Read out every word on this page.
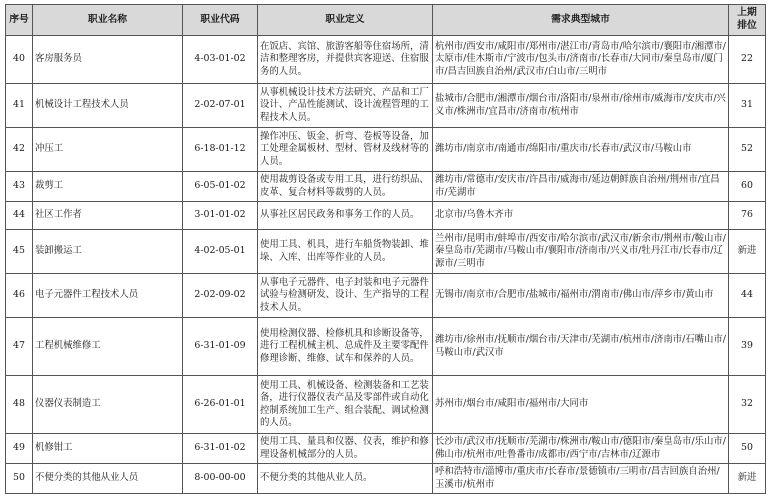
序号	职业名称	职业代码	职业定义	需求典型城市	上期
排位

40	客房服务员	4-03-01-02	在饭店、宾馆、旅游客船等住宿场所，清洁和整理客房，并提供宾客迎送、住宿服务的人员。	杭州市/西安市/咸阳市/郑州市/湛江市/青岛市/哈尔滨市/襄阳市/湘潭市/太原市/佳木斯市/宁波市/包头市/济南市/长春市/大同市/秦皇岛市/厦门市/昌吉回族自治州/武汉市/白山市/三明市	22
41	机械设计工程技术人员	2-02-07-01	从事机械设计技术方法研究、产品和工厂设计、产品性能测试、设计流程管理的工程技术人员。	盐城市/合肥市/湘潭市/烟台市/洛阳市/泉州市/徐州市/威海市/安庆市/兴义市/株洲市/宜昌市/济南市/杭州市	31
42	冲压工	6-18-01-12	操作冲压、钣金、折弯、卷板等设备，加工处理金属板材、型材、管材及线材等的人员。	潍坊市/南京市/南通市/绵阳市/重庆市/长春市/武汉市/马鞍山市	52
43	裁剪工	6-05-01-02	使用裁剪设备或专用工具，进行纺织品、皮革、复合材料等裁剪的人员。	潍坊市/常德市/安庆市/许昌市/威海市/延边朝鲜族自治州/荆州市/宜昌市/芜湖市	60
44	社区工作者	3-01-01-02	从事社区居民政务和事务工作的人员。	北京市/乌鲁木齐市	76
45	装卸搬运工	4-02-05-01	使用工具、机具，进行车船货物装卸、堆垛、入库、出库等作业的人员。	兰州市/昆明市/蚌埠市/西安市/哈尔滨市/武汉市/新余市/荆州市/鞍山市/秦皇岛市/芜湖市/马鞍山市/襄阳市/济南市/兴义市/牡丹江市/长春市/辽源市/三明市	新进
46	电子元器件工程技术人员	2-02-09-02	从事电子元器件、电子封装和电子元器件试验与检测研发、设计、生产指导的工程技术人员。	无锡市/南京市/合肥市/盐城市/福州市/渭南市/佛山市/萍乡市/黄山市	44
47	工程机械维修工	6-31-01-09	使用检测仪器、检修机具和诊断设备等，进行工程机械主机、总成件及主要零配件修理诊断、维修、试车和保养的人员。	潍坊市/徐州市/抚顺市/烟台市/天津市/芜湖市/杭州市/济南市/石嘴山市/马鞍山市/武汉市	39
48	仪器仪表制造工	6-26-01-01	使用工具、机械设备、检测装备和工艺装备，进行仪器仪表产品及零部件或自动化控制系统加工生产、组合装配、调试检测的人员。	苏州市/烟台市/咸阳市/福州市/大同市	32
49	机修钳工	6-31-01-02	使用工具、量具和仪器、仪表，维护和修理设备机械部分的人员。	长沙市/武汉市/抚顺市/芜湖市/株洲市/鞍山市/德阳市/秦皇岛市/乐山市/佛山市/杭州市/吐鲁番市/成都市/西宁市/吉林市/辽源市	50
50	不便分类的其他从业人员	8-00-00-00	不便分类的其他从业人员。	呼和浩特市/淄博市/重庆市/长春市/景德镇市/三明市/昌吉回族自治州/玉溪市/杭州市	新进
